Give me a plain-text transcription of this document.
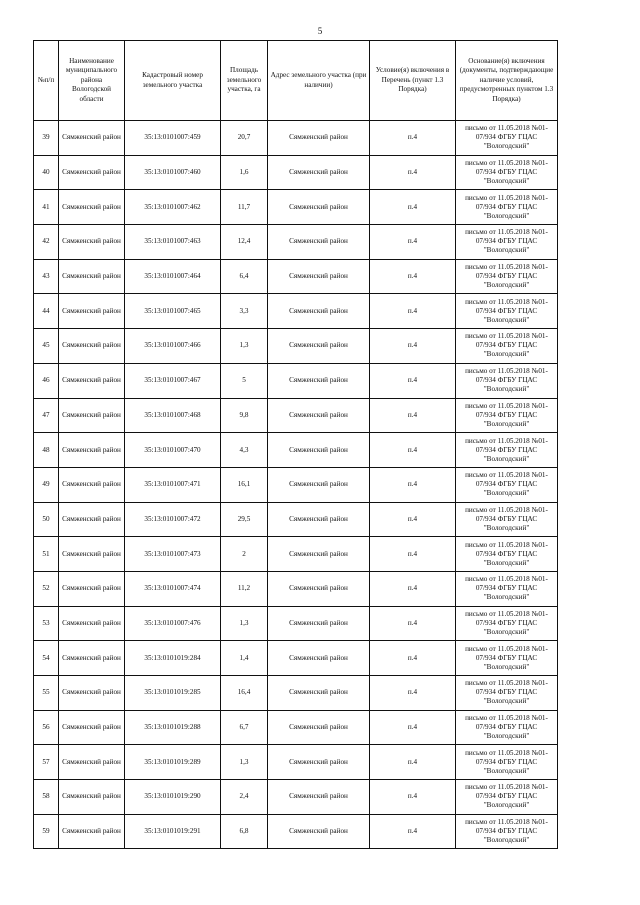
5
№п/п	Наименование муниципального района Вологодской области	Кадастровый номер земельного участка	Площадь земельного участка, га	Адрес земельного участка (при наличии)	Условие(я) включения в Перечень (пункт 1.3 Порядка)	Основание(я) включения (документы, подтверждающие наличие условий, предусмотренных пунктом 1.3 Порядка)
39	Сямженский район	35:13:0101007:459	20,7	Сямженский район	п.4	письмо от 11.05.2018 №01-07/934 ФГБУ ГЦАС "Вологодский"
40	Сямженский район	35:13:0101007:460	1,6	Сямженский район	п.4	письмо от 11.05.2018 №01-07/934 ФГБУ ГЦАС "Вологодский"
41	Сямженский район	35:13:0101007:462	11,7	Сямженский район	п.4	письмо от 11.05.2018 №01-07/934 ФГБУ ГЦАС "Вологодский"
42	Сямженский район	35:13:0101007:463	12,4	Сямженский район	п.4	письмо от 11.05.2018 №01-07/934 ФГБУ ГЦАС "Вологодский"
43	Сямженский район	35:13:0101007:464	6,4	Сямженский район	п.4	письмо от 11.05.2018 №01-07/934 ФГБУ ГЦАС "Вологодский"
44	Сямженский район	35:13:0101007:465	3,3	Сямженский район	п.4	письмо от 11.05.2018 №01-07/934 ФГБУ ГЦАС "Вологодский"
45	Сямженский район	35:13:0101007:466	1,3	Сямженский район	п.4	письмо от 11.05.2018 №01-07/934 ФГБУ ГЦАС "Вологодский"
46	Сямженский район	35:13:0101007:467	5	Сямженский район	п.4	письмо от 11.05.2018 №01-07/934 ФГБУ ГЦАС "Вологодский"
47	Сямженский район	35:13:0101007:468	9,8	Сямженский район	п.4	письмо от 11.05.2018 №01-07/934 ФГБУ ГЦАС "Вологодский"
48	Сямженский район	35:13:0101007:470	4,3	Сямженский район	п.4	письмо от 11.05.2018 №01-07/934 ФГБУ ГЦАС "Вологодский"
49	Сямженский район	35:13:0101007:471	16,1	Сямженский район	п.4	письмо от 11.05.2018 №01-07/934 ФГБУ ГЦАС "Вологодский"
50	Сямженский район	35:13:0101007:472	29,5	Сямженский район	п.4	письмо от 11.05.2018 №01-07/934 ФГБУ ГЦАС "Вологодский"
51	Сямженский район	35:13:0101007:473	2	Сямженский район	п.4	письмо от 11.05.2018 №01-07/934 ФГБУ ГЦАС "Вологодский"
52	Сямженский район	35:13:0101007:474	11,2	Сямженский район	п.4	письмо от 11.05.2018 №01-07/934 ФГБУ ГЦАС "Вологодский"
53	Сямженский район	35:13:0101007:476	1,3	Сямженский район	п.4	письмо от 11.05.2018 №01-07/934 ФГБУ ГЦАС "Вологодский"
54	Сямженский район	35:13:0101019:284	1,4	Сямженский район	п.4	письмо от 11.05.2018 №01-07/934 ФГБУ ГЦАС "Вологодский"
55	Сямженский район	35:13:0101019:285	16,4	Сямженский район	п.4	письмо от 11.05.2018 №01-07/934 ФГБУ ГЦАС "Вологодский"
56	Сямженский район	35:13:0101019:288	6,7	Сямженский район	п.4	письмо от 11.05.2018 №01-07/934 ФГБУ ГЦАС "Вологодский"
57	Сямженский район	35:13:0101019:289	1,3	Сямженский район	п.4	письмо от 11.05.2018 №01-07/934 ФГБУ ГЦАС "Вологодский"
58	Сямженский район	35:13:0101019:290	2,4	Сямженский район	п.4	письмо от 11.05.2018 №01-07/934 ФГБУ ГЦАС "Вологодский"
59	Сямженский район	35:13:0101019:291	6,8	Сямженский район	п.4	письмо от 11.05.2018 №01-07/934 ФГБУ ГЦАС "Вологодский"
